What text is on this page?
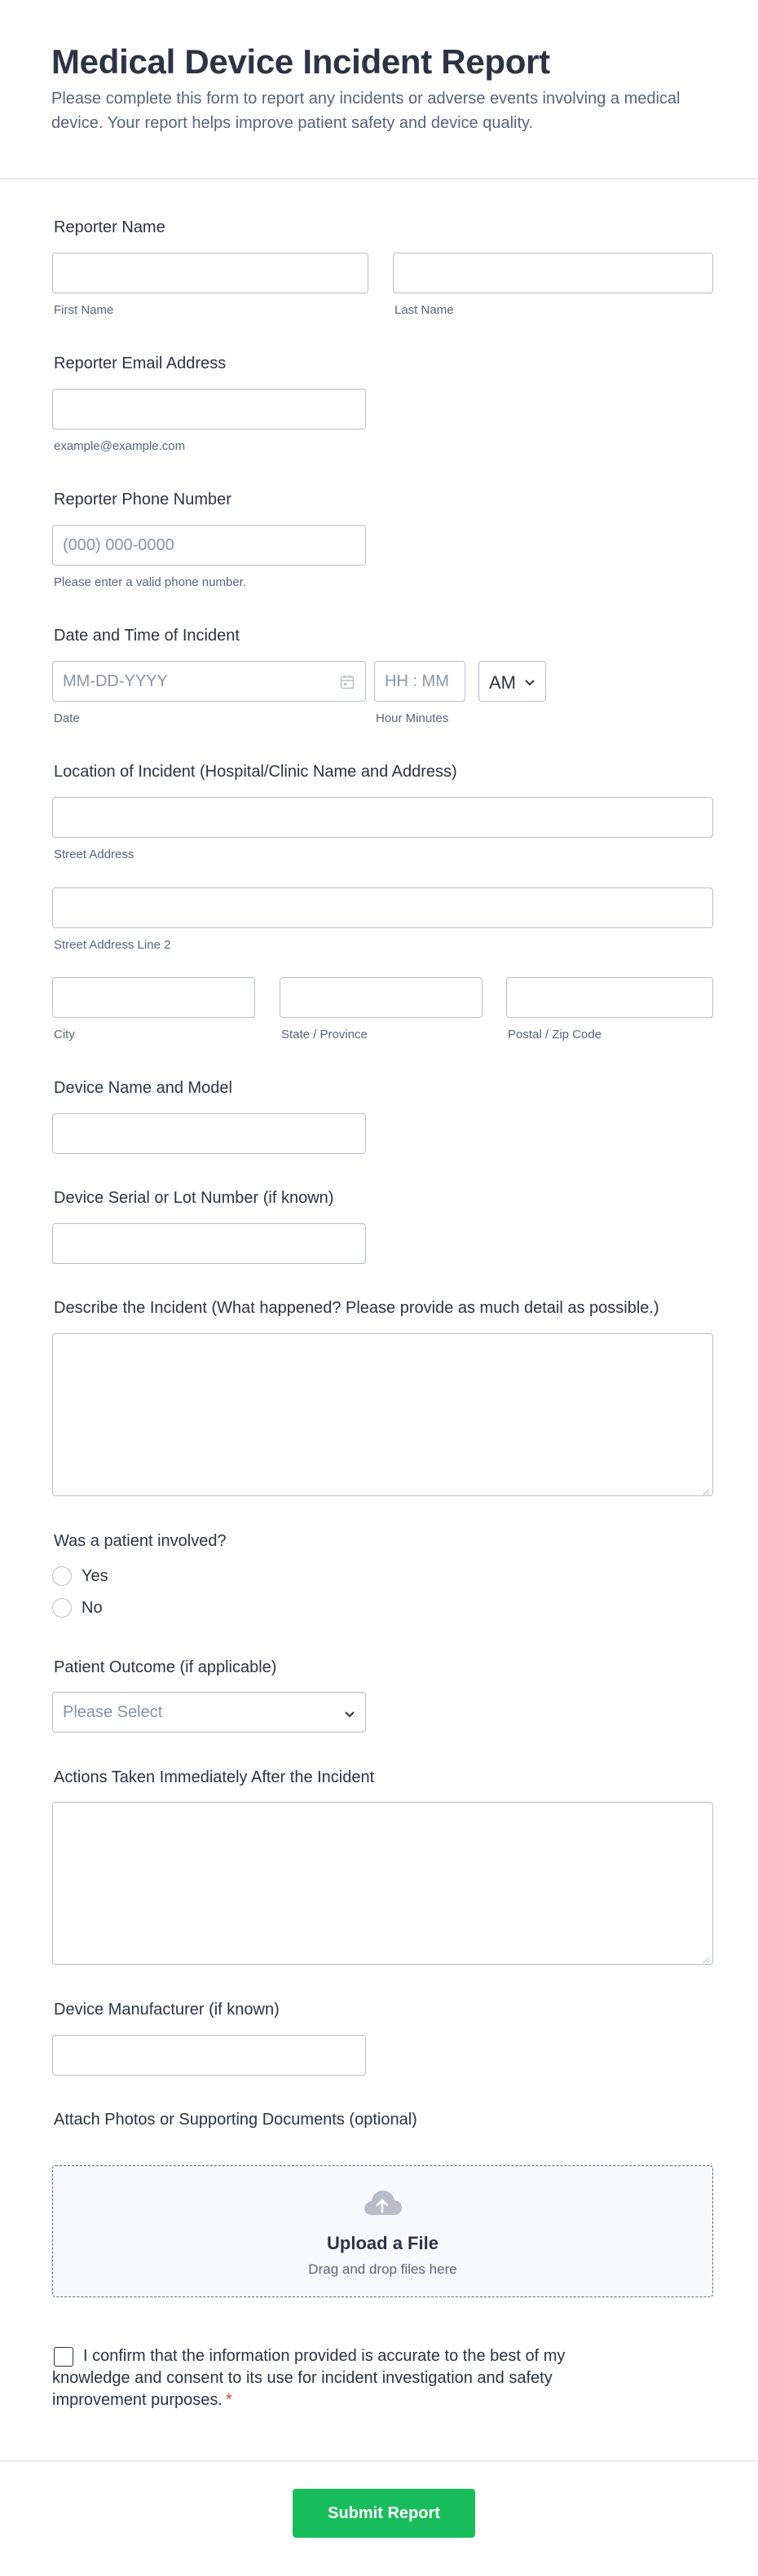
Medical Device Incident Report
Please complete this form to report any incidents or adverse events involving a medical device. Your report helps improve patient safety and device quality.
Reporter Name
First Name	Last Name
Reporter Email Address
example@example.com
Reporter Phone Number
(000) 000-0000
Please enter a valid phone number.
Date and Time of Incident
MM-DD-YYYY
Date
HH : MM
Hour Minutes
AM
Location of Incident (Hospital/Clinic Name and Address)
Street Address
Street Address Line 2
City	State / Province	Postal / Zip Code
Device Name and Model
Device Serial or Lot Number (if known)
Describe the Incident (What happened? Please provide as much detail as possible.)
Was a patient involved?
Yes
No
Patient Outcome (if applicable)
Please Select
Actions Taken Immediately After the Incident
Device Manufacturer (if known)
Attach Photos or Supporting Documents (optional)
Upload a File
Drag and drop files here
I confirm that the information provided is accurate to the best of my knowledge and consent to its use for incident investigation and safety improvement purposes. *
Submit Report
